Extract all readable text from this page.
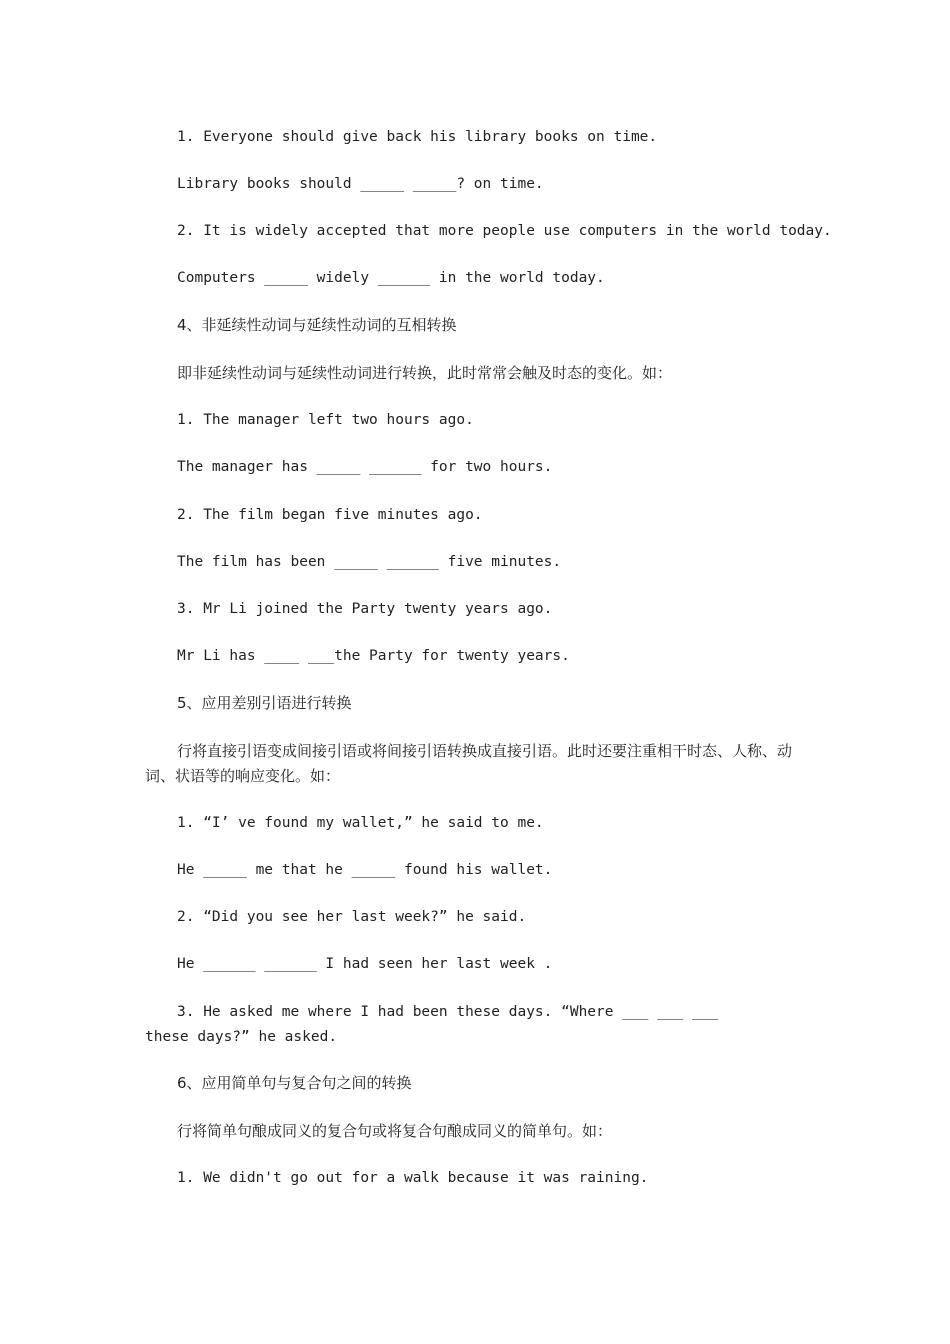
1. Everyone should give back his library books on time.
Library books should _____ _____? on time.
2. It is widely accepted that more people use computers in the world today.
Computers _____ widely ______ in the world today.
4、非延续性动词与延续性动词的互相转换
即非延续性动词与延续性动词进行转换，此时常常会触及时态的变化。如：
1. The manager left two hours ago.
The manager has _____ ______ for two hours.
2. The film began five minutes ago.
The film has been _____ ______ five minutes.
3. Mr Li joined the Party twenty years ago.
Mr Li has ____ ___the Party for twenty years.
5、应用差别引语进行转换
行将直接引语变成间接引语或将间接引语转换成直接引语。此时还要注重相干时态、人称、动词、状语等的响应变化。如：
1. “I’ ve found my wallet,” he said to me.
He _____ me that he _____ found his wallet.
2. “Did you see her last week?” he said.
He ______ ______ I had seen her last week .
3. He asked me where I had been these days. “Where ___ ___ ___ these days?” he asked.
6、应用简单句与复合句之间的转换
行将简单句酿成同义的复合句或将复合句酿成同义的简单句。如：
1. We didn't go out for a walk because it was raining.
